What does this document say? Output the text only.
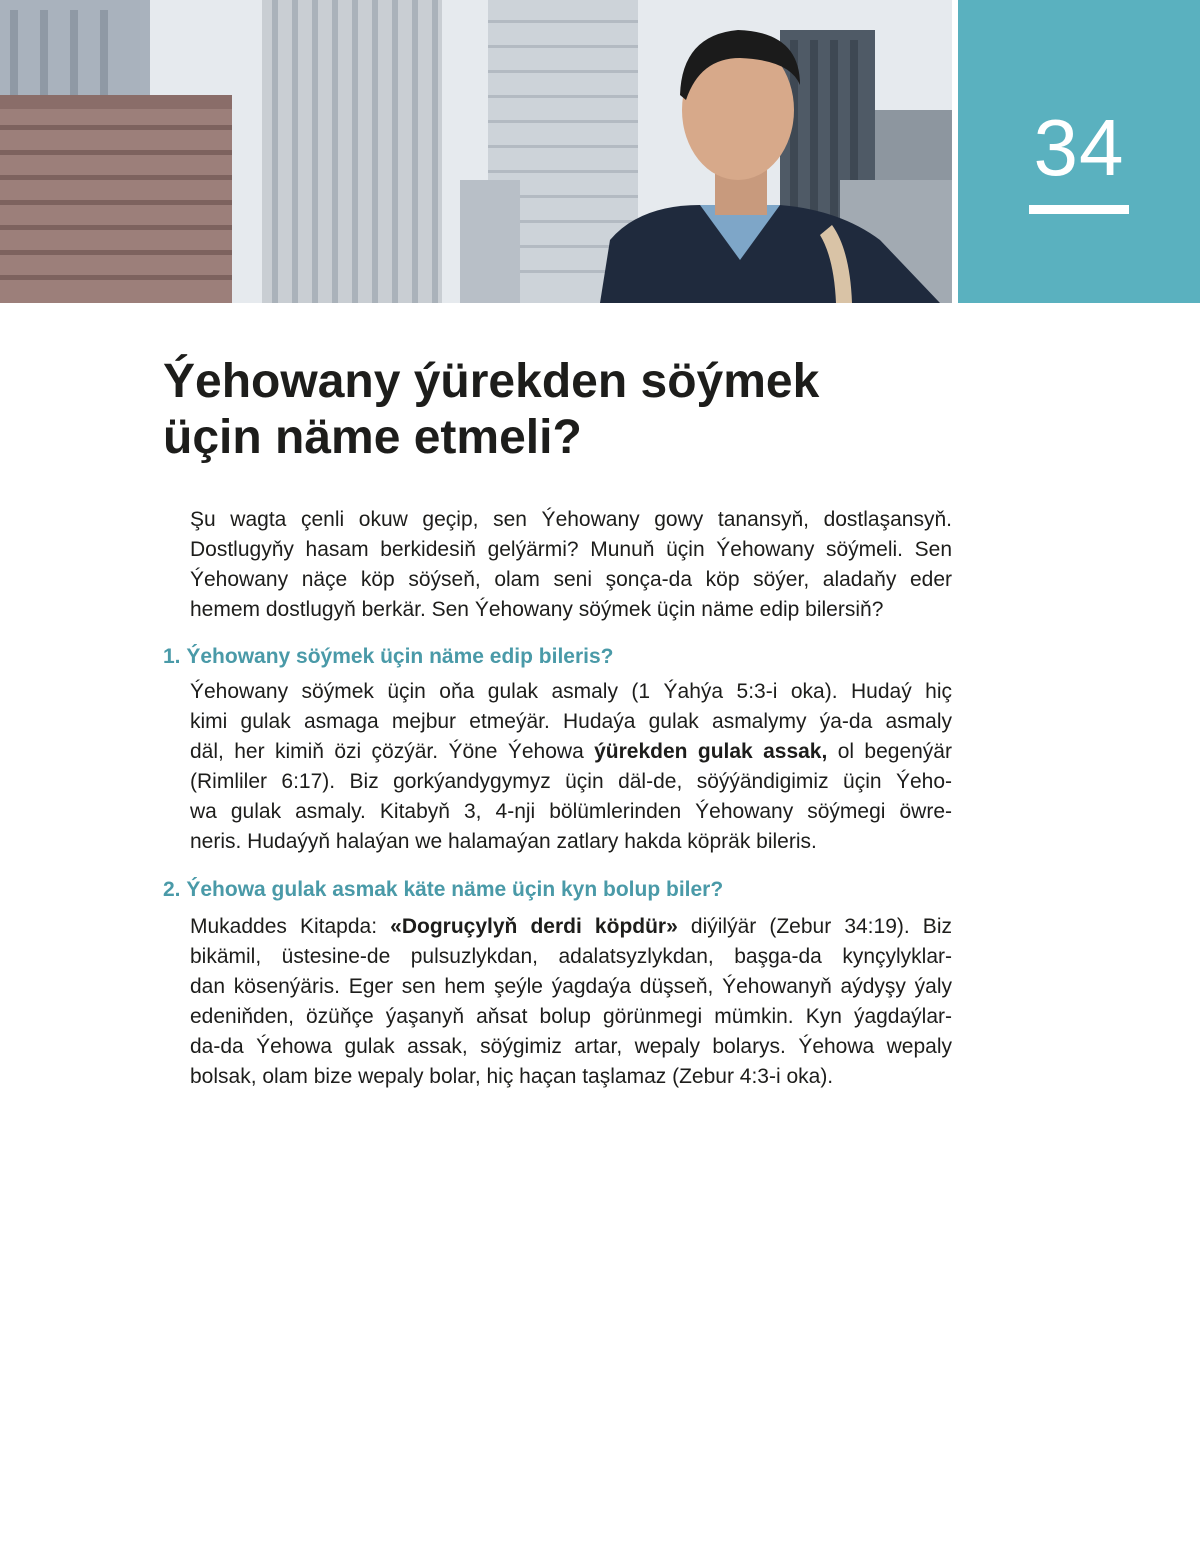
34
Ýehowany ýürekden söýmek
üçin näme etmeli?
Şu wagta çenli okuw geçip, sen Ýehowany gowy tanansyň, dostlaşansyň.
Dostlugyňy hasam berkidesiň gelýärmi? Munuň üçin Ýehowany söýmeli. Sen
Ýehowany näçe köp söýseň, olam seni şonça-da köp söýer, aladaňy eder
hemem dostlugyň berkär. Sen Ýehowany söýmek üçin näme edip bilersiň?
1. Ýehowany söýmek üçin näme edip bileris?
Ýehowany söýmek üçin oňa gulak asmaly (1 Ýahýa 5:3-i oka). Hudaý hiç
kimi gulak asmaga mejbur etmeýär. Hudaýa gulak asmalymy ýa-da asmaly
däl, her kimiň özi çözýär. Ýöne Ýehowa ýürekden gulak assak, ol begenýär
(Rimliler 6:17). Biz gorkýandygymyz üçin däl-de, söýýändigimiz üçin Ýeho-
wa gulak asmaly. Kitabyň 3, 4-nji bölümlerinden Ýehowany söýmegi öwre-
neris. Hudaýyň halaýan we halamaýan zatlary hakda köpräk bileris.
2. Ýehowa gulak asmak käte näme üçin kyn bolup biler?
Mukaddes Kitapda: «Dogruçylyň derdi köpdür» diýilýär (Zebur 34:19). Biz
bikämil, üstesine-de pulsuzlykdan, adalatsyzlykdan, başga-da kynçylyklar-
dan kösenýäris. Eger sen hem şeýle ýagdaýa düşseň, Ýehowanyň aýdyşy ýaly
edeniňden, özüňçe ýaşanyň aňsat bolup görünmegi mümkin. Kyn ýagdaýlar-
da-da Ýehowa gulak assak, söýgimiz artar, wepaly bolarys. Ýehowa wepaly
bolsak, olam bize wepaly bolar, hiç haçan taşlamaz (Zebur 4:3-i oka).
